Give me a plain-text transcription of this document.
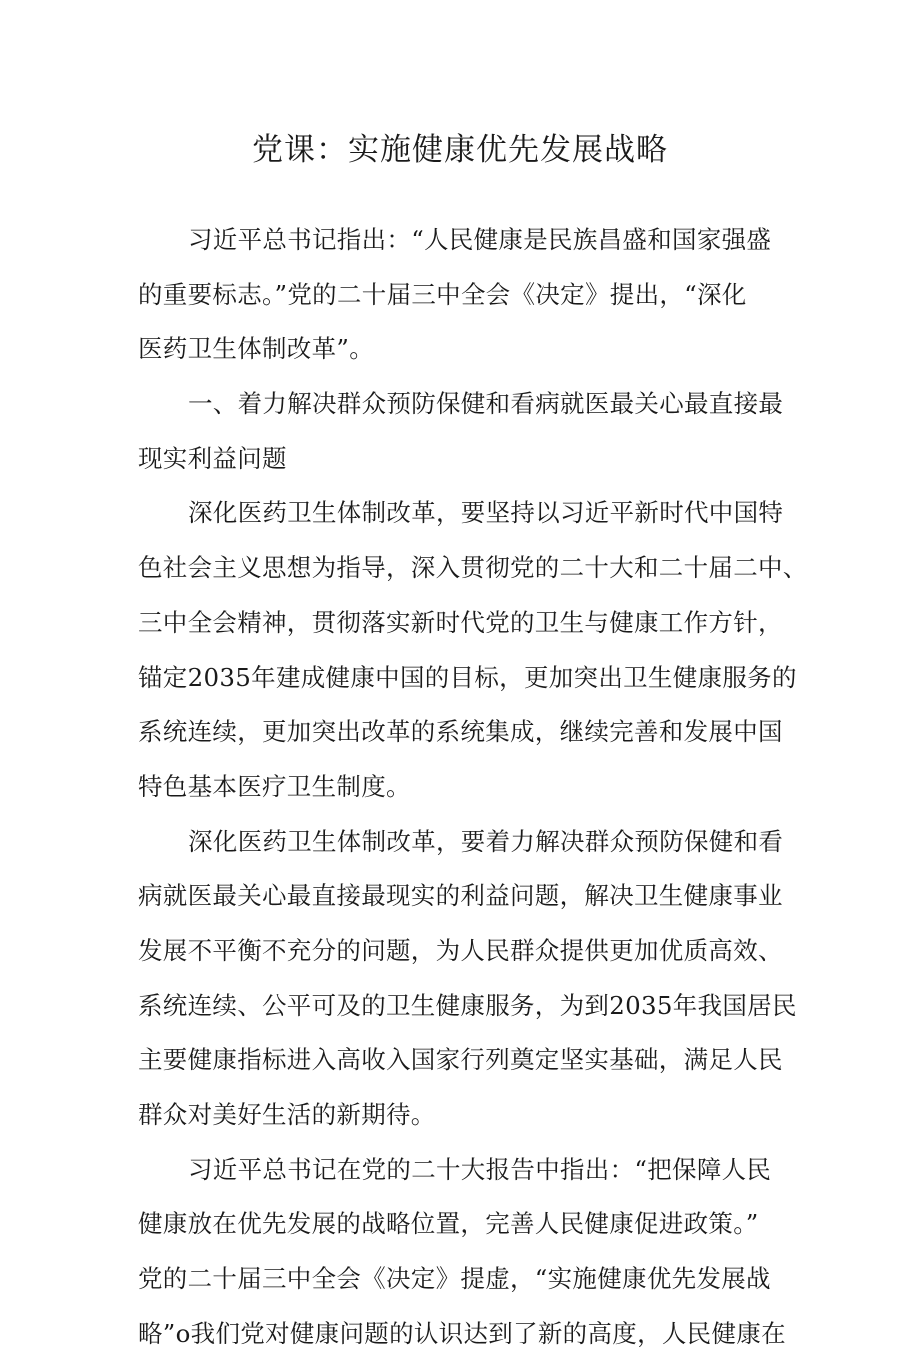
党课：实施健康优先发展战略
习近平总书记指出：“人民健康是民族昌盛和国家强盛
的重要标志。”党的二十届三中全会《决定》提出，“深化
医药卫生体制改革”。
一、着力解决群众预防保健和看病就医最关心最直接最
现实利益问题
深化医药卫生体制改革，要坚持以习近平新时代中国特
色社会主义思想为指导，深入贯彻党的二十大和二十届二中、
三中全会精神，贯彻落实新时代党的卫生与健康工作方针，
锚定2035年建成健康中国的目标，更加突出卫生健康服务的
系统连续，更加突出改革的系统集成，继续完善和发展中国
特色基本医疗卫生制度。
深化医药卫生体制改革，要着力解决群众预防保健和看
病就医最关心最直接最现实的利益问题，解决卫生健康事业
发展不平衡不充分的问题，为人民群众提供更加优质高效、
系统连续、公平可及的卫生健康服务，为到2035年我国居民
主要健康指标进入高收入国家行列奠定坚实基础，满足人民
群众对美好生活的新期待。
习近平总书记在党的二十大报告中指出：“把保障人民
健康放在优先发展的战略位置，完善人民健康促进政策。”
党的二十届三中全会《决定》提虚，“实施健康优先发展战
略”o我们党对健康问题的认识达到了新的高度，人民健康在
